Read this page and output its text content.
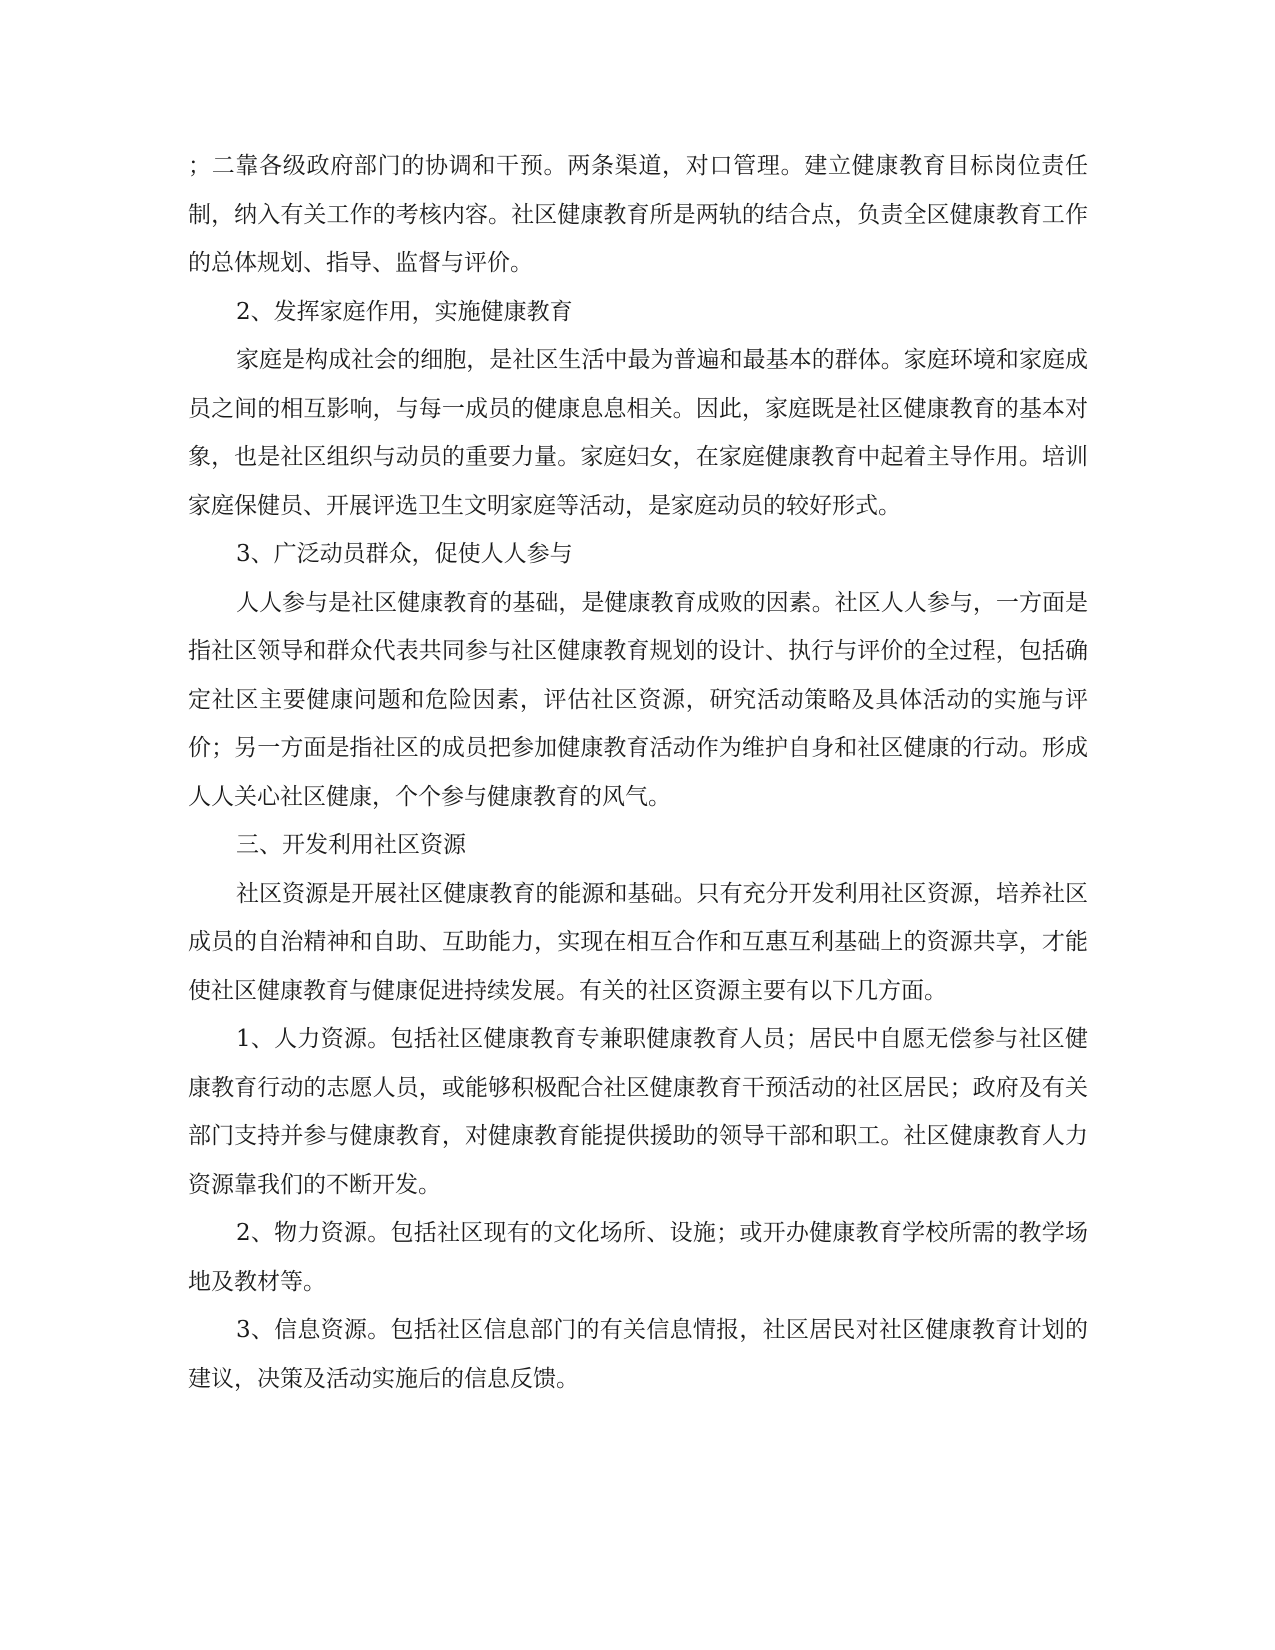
；二靠各级政府部门的协调和干预。两条渠道，对口管理。建立健康教育目标岗位责任制，纳入有关工作的考核内容。社区健康教育所是两轨的结合点，负责全区健康教育工作的总体规划、指导、监督与评价。

2、发挥家庭作用，实施健康教育

家庭是构成社会的细胞，是社区生活中最为普遍和最基本的群体。家庭环境和家庭成员之间的相互影响，与每一成员的健康息息相关。因此，家庭既是社区健康教育的基本对象，也是社区组织与动员的重要力量。家庭妇女，在家庭健康教育中起着主导作用。培训家庭保健员、开展评选卫生文明家庭等活动，是家庭动员的较好形式。

3、广泛动员群众，促使人人参与

人人参与是社区健康教育的基础，是健康教育成败的因素。社区人人参与，一方面是指社区领导和群众代表共同参与社区健康教育规划的设计、执行与评价的全过程，包括确定社区主要健康问题和危险因素，评估社区资源，研究活动策略及具体活动的实施与评价；另一方面是指社区的成员把参加健康教育活动作为维护自身和社区健康的行动。形成人人关心社区健康，个个参与健康教育的风气。

三、开发利用社区资源

社区资源是开展社区健康教育的能源和基础。只有充分开发利用社区资源，培养社区成员的自治精神和自助、互助能力，实现在相互合作和互惠互利基础上的资源共享，才能使社区健康教育与健康促进持续发展。有关的社区资源主要有以下几方面。

1、人力资源。包括社区健康教育专兼职健康教育人员；居民中自愿无偿参与社区健康教育行动的志愿人员，或能够积极配合社区健康教育干预活动的社区居民；政府及有关部门支持并参与健康教育，对健康教育能提供援助的领导干部和职工。社区健康教育人力资源靠我们的不断开发。

2、物力资源。包括社区现有的文化场所、设施；或开办健康教育学校所需的教学场地及教材等。

3、信息资源。包括社区信息部门的有关信息情报，社区居民对社区健康教育计划的建议，决策及活动实施后的信息反馈。
